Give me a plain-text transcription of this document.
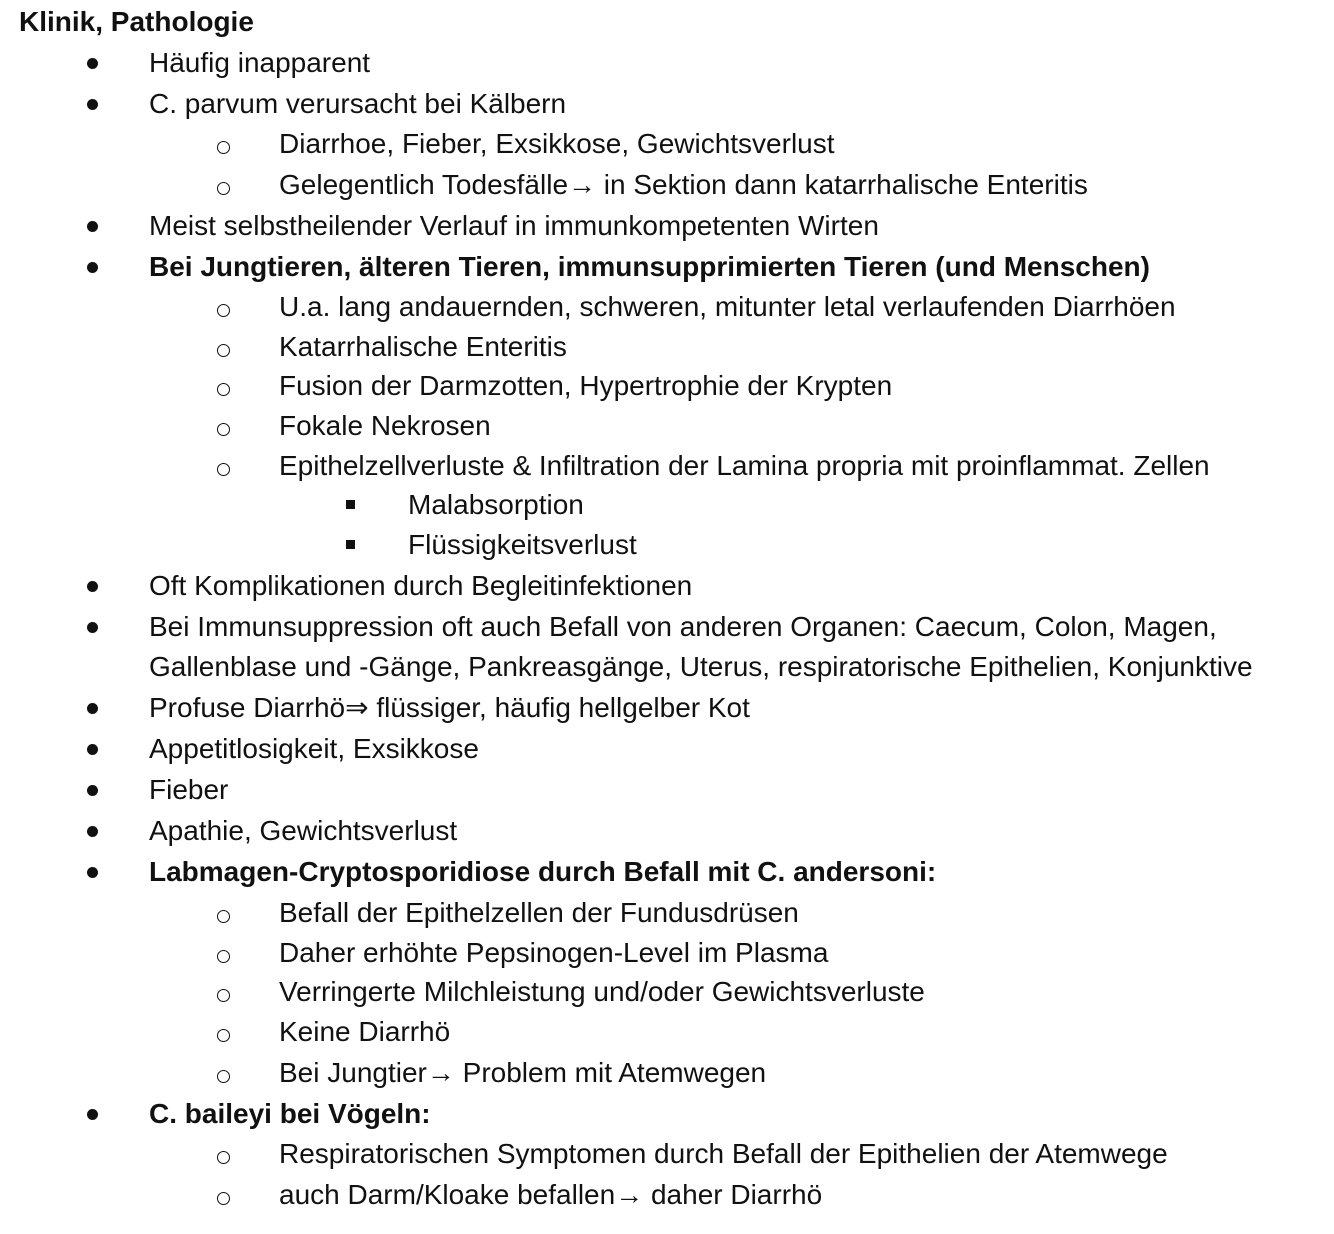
Klinik, Pathologie
Häufig inapparent
C. parvum verursacht bei Kälbern
Diarrhoe, Fieber, Exsikkose, Gewichtsverlust
Gelegentlich Todesfälle→ in Sektion dann katarrhalische Enteritis
Meist selbstheilender Verlauf in immunkompetenten Wirten
Bei Jungtieren, älteren Tieren, immunsupprimierten Tieren (und Menschen)
U.a. lang andauernden, schweren, mitunter letal verlaufenden Diarrhöen
Katarrhalische Enteritis
Fusion der Darmzotten, Hypertrophie der Krypten
Fokale Nekrosen
Epithelzellverluste & Infiltration der Lamina propria mit proinflammat. Zellen
Malabsorption
Flüssigkeitsverlust
Oft Komplikationen durch Begleitinfektionen
Bei Immunsuppression oft auch Befall von anderen Organen: Caecum, Colon, Magen,
Gallenblase und -Gänge, Pankreasgänge, Uterus, respiratorische Epithelien, Konjunktive
Profuse Diarrhö⇒ flüssiger, häufig hellgelber Kot
Appetitlosigkeit, Exsikkose
Fieber
Apathie, Gewichtsverlust
Labmagen-Cryptosporidiose durch Befall mit C. andersoni:
Befall der Epithelzellen der Fundusdrüsen
Daher erhöhte Pepsinogen-Level im Plasma
Verringerte Milchleistung und/oder Gewichtsverluste
Keine Diarrhö
Bei Jungtier→ Problem mit Atemwegen
C. baileyi bei Vögeln:
Respiratorischen Symptomen durch Befall der Epithelien der Atemwege
auch Darm/Kloake befallen→ daher Diarrhö
